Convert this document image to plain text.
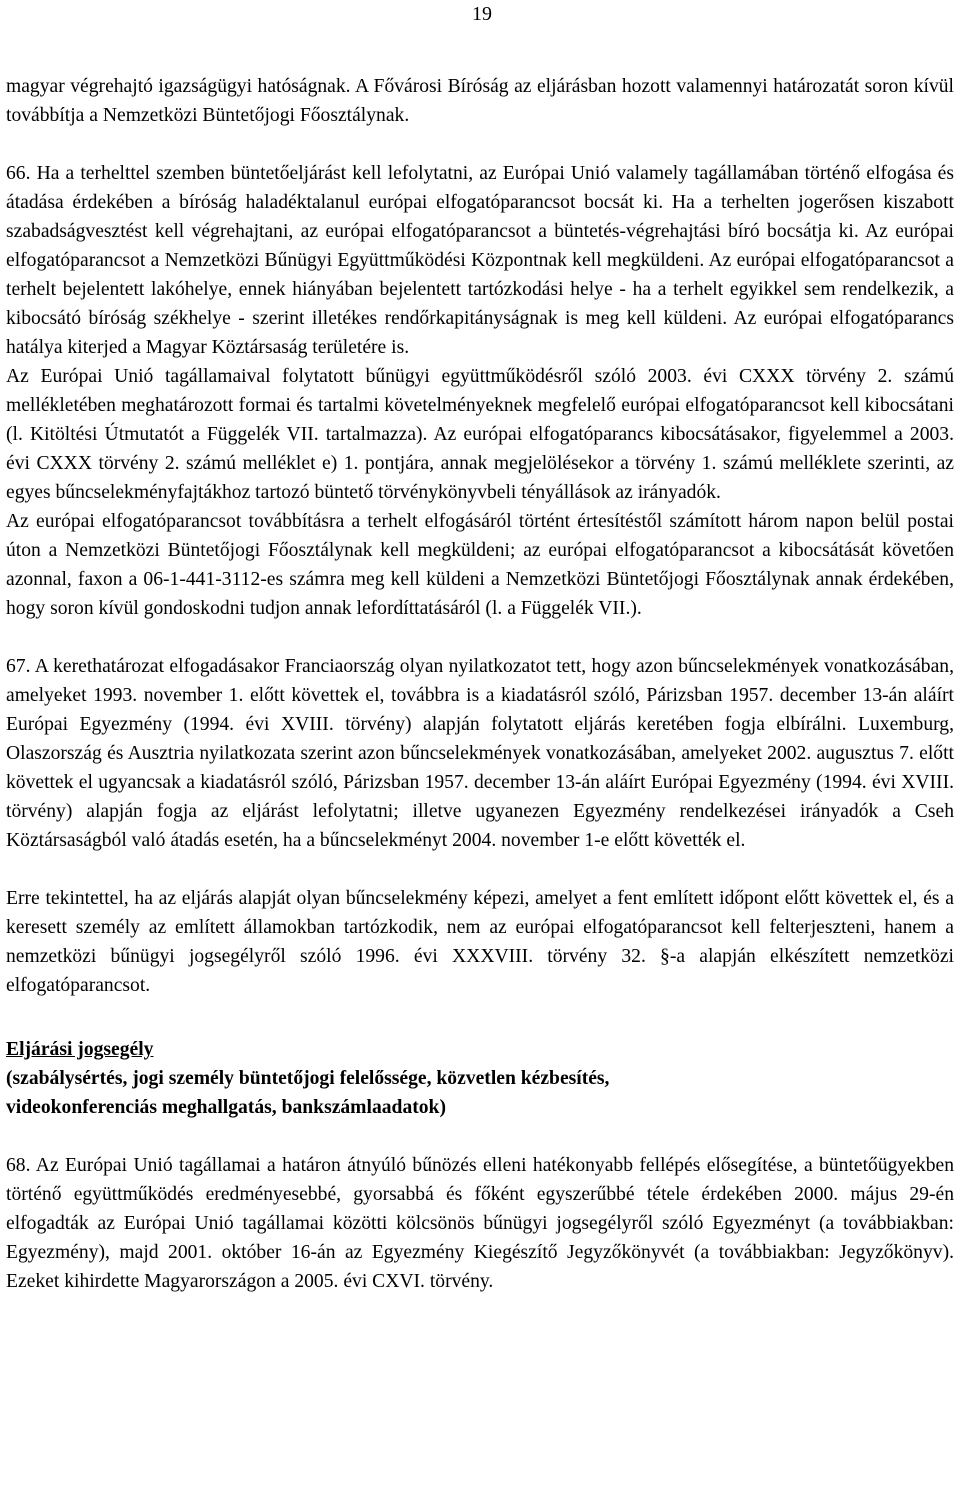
19

magyar végrehajtó igazságügyi hatóságnak. A Fővárosi Bíróság az eljárásban hozott valamennyi határozatát soron kívül továbbítja a Nemzetközi Büntetőjogi Főosztálynak.

66. Ha a terhelttel szemben büntetőeljárást kell lefolytatni, az Európai Unió valamely tagállamában történő elfogása és átadása érdekében a bíróság haladéktalanul európai elfogatóparancsot bocsát ki. Ha a terhelten jogerősen kiszabott szabadságvesztést kell végrehajtani, az európai elfogatóparancsot a büntetés-végrehajtási bíró bocsátja ki. Az európai elfogatóparancsot a Nemzetközi Bűnügyi Együttműködési Központnak kell megküldeni. Az európai elfogatóparancsot a terhelt bejelentett lakóhelye, ennek hiányában bejelentett tartózkodási helye - ha a terhelt egyikkel sem rendelkezik, a kibocsátó bíróság székhelye - szerint illetékes rendőrkapitányságnak is meg kell küldeni. Az európai elfogatóparancs hatálya kiterjed a Magyar Köztársaság területére is.

Az Európai Unió tagállamaival folytatott bűnügyi együttműködésről szóló 2003. évi CXXX törvény 2. számú mellékletében meghatározott formai és tartalmi követelményeknek megfelelő európai elfogatóparancsot kell kibocsátani (l. Kitöltési Útmutatót a Függelék VII. tartalmazza). Az európai elfogatóparancs kibocsátásakor, figyelemmel a 2003. évi CXXX törvény 2. számú melléklet e) 1. pontjára, annak megjelölésekor a törvény 1. számú melléklete szerinti, az egyes bűncselekményfajtákhoz tartozó büntető törvénykönyvbeli tényállások az irányadók.

Az európai elfogatóparancsot továbbításra a terhelt elfogásáról történt értesítéstől számított három napon belül postai úton a Nemzetközi Büntetőjogi Főosztálynak kell megküldeni; az európai elfogatóparancsot a kibocsátását követően azonnal, faxon a 06-1-441-3112-es számra meg kell küldeni a Nemzetközi Büntetőjogi Főosztálynak annak érdekében, hogy soron kívül gondoskodni tudjon annak lefordíttatásáról (l. a Függelék VII.).

67. A kerethatározat elfogadásakor Franciaország olyan nyilatkozatot tett, hogy azon bűncselekmények vonatkozásában, amelyeket 1993. november 1. előtt követtek el, továbbra is a kiadatásról szóló, Párizsban 1957. december 13-án aláírt Európai Egyezmény (1994. évi XVIII. törvény) alapján folytatott eljárás keretében fogja elbírálni. Luxemburg, Olaszország és Ausztria nyilatkozata szerint azon bűncselekmények vonatkozásában, amelyeket 2002. augusztus 7. előtt követtek el ugyancsak a kiadatásról szóló, Párizsban 1957. december 13-án aláírt Európai Egyezmény (1994. évi XVIII. törvény) alapján fogja az eljárást lefolytatni; illetve ugyanezen Egyezmény rendelkezései irányadók a Cseh Köztársaságból való átadás esetén, ha a bűncselekményt 2004. november 1-e előtt követték el.

Erre tekintettel, ha az eljárás alapját olyan bűncselekmény képezi, amelyet a fent említett időpont előtt követtek el, és a keresett személy az említett államokban tartózkodik, nem az európai elfogatóparancsot kell felterjeszteni, hanem a nemzetközi bűnügyi jogsegélyről szóló 1996. évi XXXVIII. törvény 32. §-a alapján elkészített nemzetközi elfogatóparancsot.

Eljárási jogsegély

(szabálysértés, jogi személy büntetőjogi felelőssége, közvetlen kézbesítés,

videokonferenciás meghallgatás, bankszámlaadatok)

68. Az Európai Unió tagállamai a határon átnyúló bűnözés elleni hatékonyabb fellépés elősegítése, a büntetőügyekben történő együttműködés eredményesebbé, gyorsabbá és főként egyszerűbbé tétele érdekében 2000. május 29-én elfogadták az Európai Unió tagállamai közötti kölcsönös bűnügyi jogsegélyről szóló Egyezményt (a továbbiakban: Egyezmény), majd 2001. október 16-án az Egyezmény Kiegészítő Jegyzőkönyvét (a továbbiakban: Jegyzőkönyv). Ezeket kihirdette Magyarországon a 2005. évi CXVI. törvény.
